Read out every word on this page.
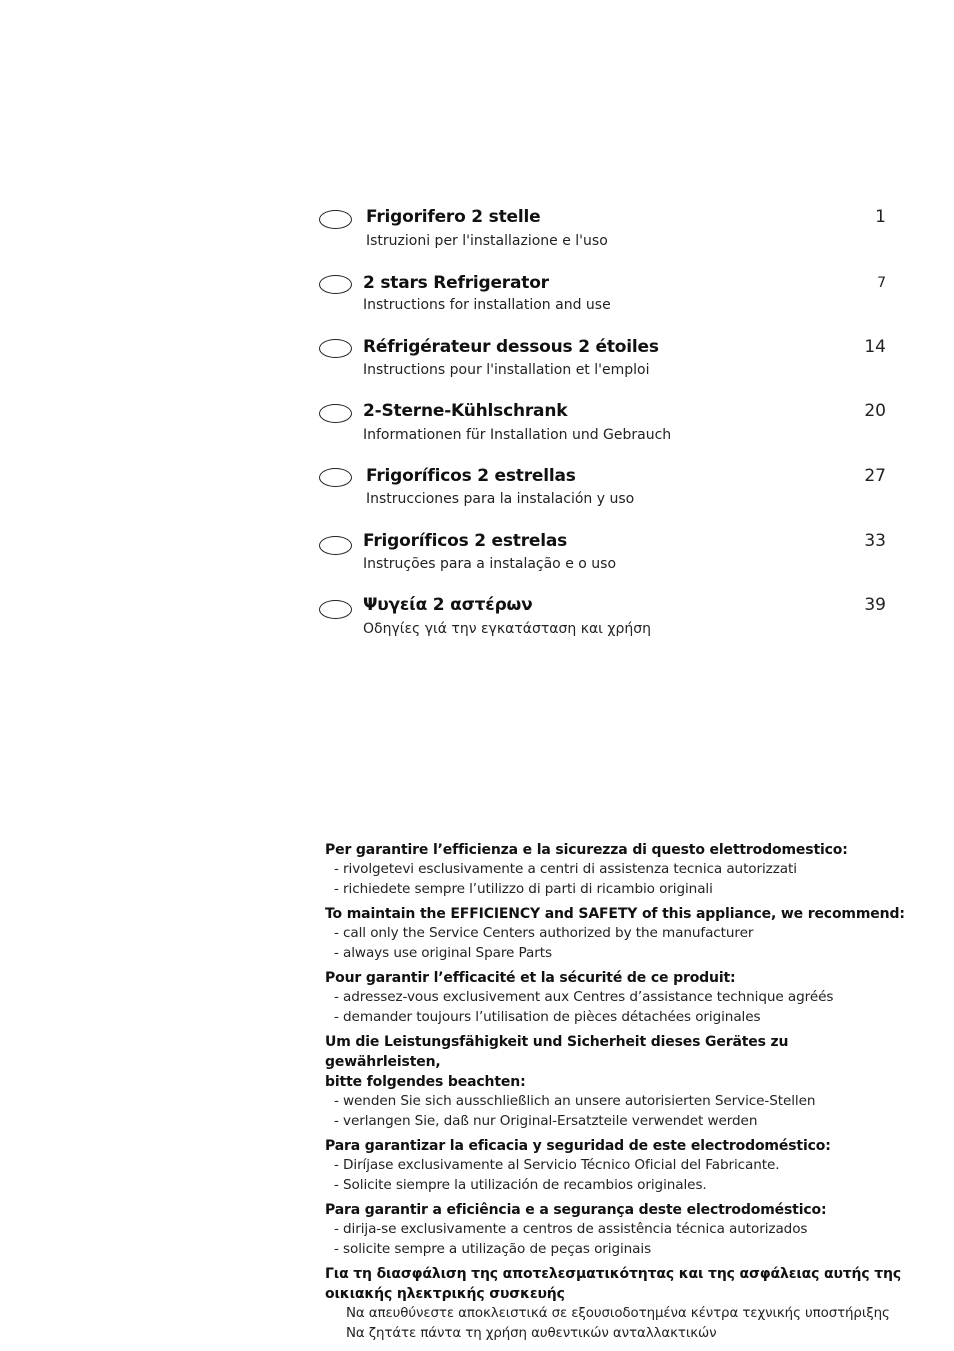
Frigorifero 2 stelle
Istruzioni per l'installazione e l'uso
1
2 stars Refrigerator
Instructions for installation and use
7
Réfrigérateur dessous 2 étoiles
Instructions pour l'installation et l'emploi
14
2-Sterne-Kühlschrank
Informationen für Installation und Gebrauch
20
Frigoríficos 2 estrellas
Instrucciones para la instalación y uso
27
Frigoríficos 2 estrelas
Instruções para a instalação e o uso
33
Ψυγεία 2 αστέρων
Οδηγίες γιά την εγκατάσταση και χρήση
39
Per garantire l’efficienza e la sicurezza di questo elettrodomestico:
- rivolgetevi esclusivamente a centri di assistenza tecnica autorizzati
- richiedete sempre l’utilizzo di parti di ricambio originali
To maintain the EFFICIENCY and SAFETY of this appliance, we recommend:
- call only the Service Centers authorized by the manufacturer
- always use original Spare Parts
Pour garantir l’efficacité et la sécurité de ce produit:
- adressez-vous exclusivement aux Centres d’assistance technique agréés
- demander toujours l’utilisation de pièces détachées originales
Um die Leistungsfähigkeit und Sicherheit dieses Gerätes zu gewährleisten,
bitte folgendes beachten:
- wenden Sie sich ausschließlich an unsere autorisierten Service-Stellen
- verlangen Sie, daß nur Original-Ersatzteile verwendet werden
Para garantizar la eficacia y seguridad de este electrodoméstico:
- Diríjase exclusivamente al Servicio Técnico Oficial del Fabricante.
- Solicite siempre la utilización de recambios originales.
Para garantir a eficiência e a segurança deste electrodoméstico:
- dirija-se exclusivamente a centros de assistência técnica autorizados
- solicite sempre a utilização de peças originais
Για τη διασφάλιση της αποτελεσματικότητας και της ασφάλειας αυτής της
οικιακής ηλεκτρικής συσκευής
Να απευθύνεστε αποκλειστικά σε εξουσιοδοτημένα κέντρα τεχνικής υποστήριξης
Να ζητάτε πάντα τη χρήση αυθεντικών ανταλλακτικών
